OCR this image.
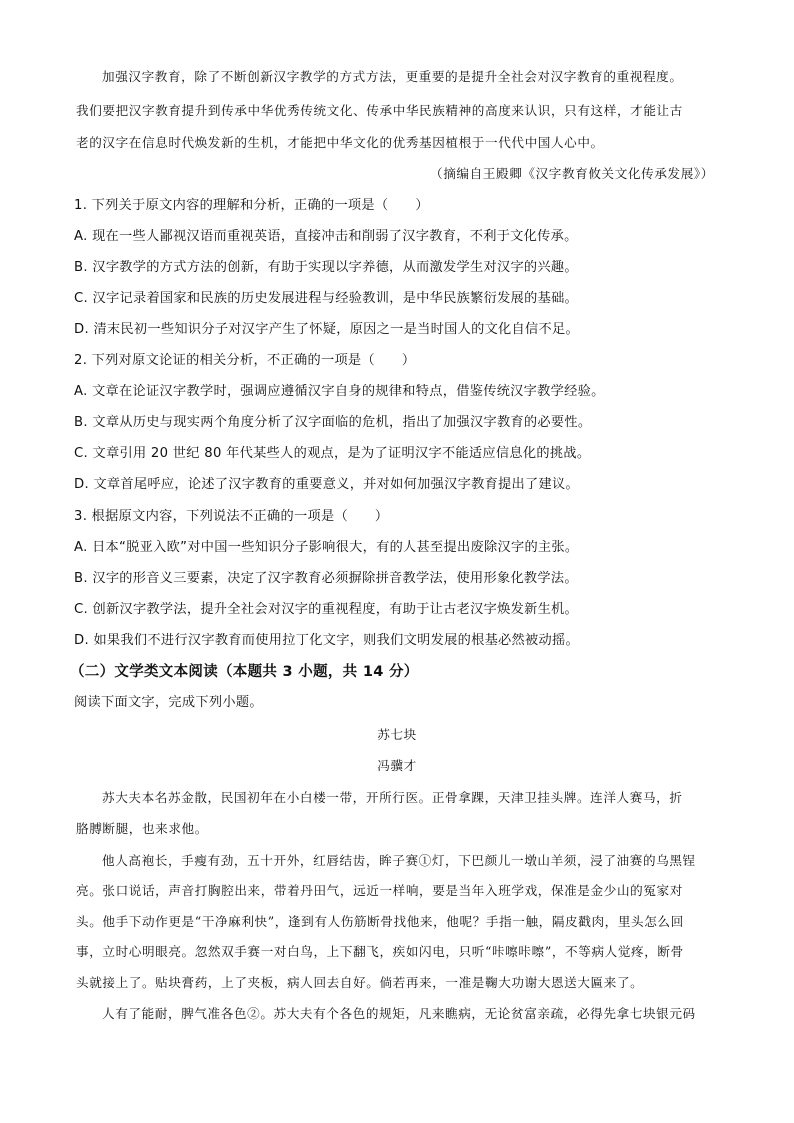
加强汉字教育，除了不断创新汉字教学的方式方法，更重要的是提升全社会对汉字教育的重视程度。

我们要把汉字教育提升到传承中华优秀传统文化、传承中华民族精神的高度来认识，只有这样，才能让古

老的汉字在信息时代焕发新的生机，才能把中华文化的优秀基因植根于一代代中国人心中。

（摘编自王殿卿《汉字教育攸关文化传承发展》）

1. 下列关于原文内容的理解和分析，正确的一项是（　　）

A. 现在一些人鄙视汉语而重视英语，直接冲击和削弱了汉字教育，不利于文化传承。

B. 汉字教学的方式方法的创新，有助于实现以字养德，从而激发学生对汉字的兴趣。

C. 汉字记录着国家和民族的历史发展进程与经验教训，是中华民族繁衍发展的基础。

D. 清末民初一些知识分子对汉字产生了怀疑，原因之一是当时国人的文化自信不足。

2. 下列对原文论证的相关分析，不正确的一项是（　　）

A. 文章在论证汉字教学时，强调应遵循汉字自身的规律和特点，借鉴传统汉字教学经验。

B. 文章从历史与现实两个角度分析了汉字面临的危机，指出了加强汉字教育的必要性。

C. 文章引用 20 世纪 80 年代某些人的观点，是为了证明汉字不能适应信息化的挑战。

D. 文章首尾呼应，论述了汉字教育的重要意义，并对如何加强汉字教育提出了建议。

3. 根据原文内容，下列说法不正确的一项是（　　）

A. 日本“脱亚入欧”对中国一些知识分子影响很大，有的人甚至提出废除汉字的主张。

B. 汉字的形音义三要素，决定了汉字教育必须摒除拼音教学法，使用形象化教学法。

C. 创新汉字教学法，提升全社会对汉字的重视程度，有助于让古老汉字焕发新生机。

D. 如果我们不进行汉字教育而使用拉丁化文字，则我们文明发展的根基必然被动摇。

（二）文学类文本阅读（本题共 3 小题，共 14 分）

阅读下面文字，完成下列小题。

苏七块

冯骥才

苏大夫本名苏金散，民国初年在小白楼一带，开所行医。正骨拿踝，天津卫挂头牌。连洋人赛马，折

胳膊断腿，也来求他。

他人高袍长，手瘦有劲，五十开外，红唇结齿，眸子赛①灯，下巴颜儿一墩山羊须，浸了油赛的乌黑锃

亮。张口说话，声音打胸腔出来，带着丹田气，远近一样响，要是当年入班学戏，保准是金少山的冤家对

头。他手下动作更是“干净麻利快”，逢到有人伤筋断骨找他来，他呢？手指一触，隔皮戳肉，里头怎么回

事，立时心明眼亮。忽然双手赛一对白鸟，上下翻飞，疾如闪电，只听“咔嚓咔嚓”，不等病人觉疼，断骨

头就接上了。贴块膏药，上了夹板，病人回去自好。倘若再来，一准是鞠大功谢大恩送大匾来了。

人有了能耐，脾气准各色②。苏大夫有个各色的规矩，凡来瞧病，无论贫富亲疏，必得先拿七块银元码
